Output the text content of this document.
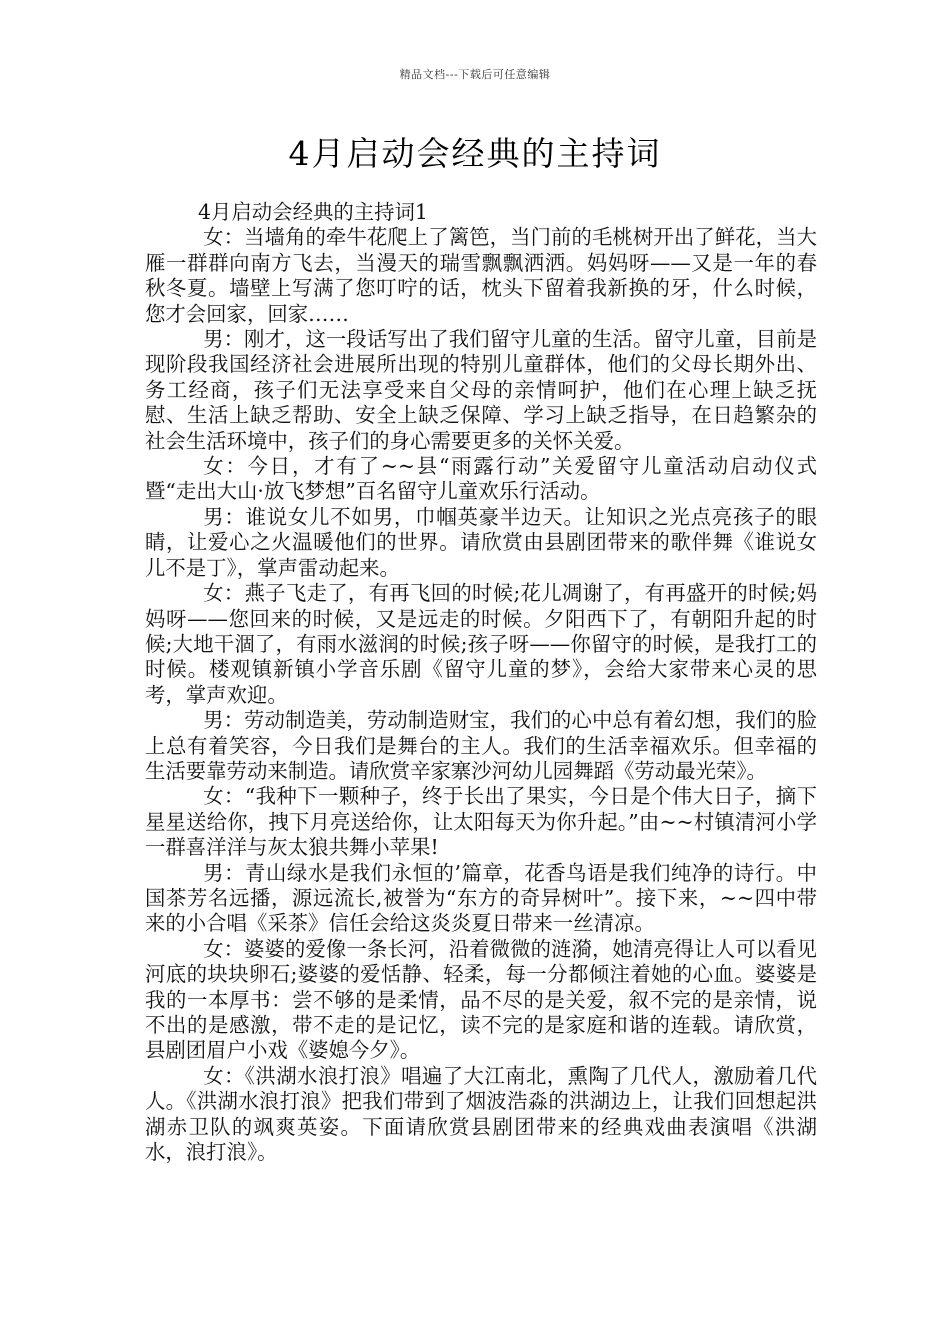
精品文档---下载后可任意编辑
4月启动会经典的主持词

4月启动会经典的主持词1

女：当墙角的牵牛花爬上了篱笆，当门前的毛桃树开出了鲜花，当大雁一群群向南方飞去，当漫天的瑞雪飘飘洒洒。妈妈呀——又是一年的春秋冬夏。墙壁上写满了您叮咛的话，枕头下留着我新换的牙，什么时候，您才会回家，回家……

男：刚才，这一段话写出了我们留守儿童的生活。留守儿童，目前是现阶段我国经济社会进展所出现的特别儿童群体，他们的父母长期外出、务工经商，孩子们无法享受来自父母的亲情呵护，他们在心理上缺乏抚慰、生活上缺乏帮助、安全上缺乏保障、学习上缺乏指导，在日趋繁杂的社会生活环境中，孩子们的身心需要更多的关怀关爱。

女：今日，才有了~~县“雨露行动”关爱留守儿童活动启动仪式暨“走出大山·放飞梦想”百名留守儿童欢乐行活动。

男：谁说女儿不如男，巾帼英豪半边天。让知识之光点亮孩子的眼睛，让爱心之火温暖他们的世界。请欣赏由县剧团带来的歌伴舞《谁说女儿不是丁》，掌声雷动起来。

女：燕子飞走了，有再飞回的时候;花儿凋谢了，有再盛开的时候;妈妈呀——您回来的时候，又是远走的时候。夕阳西下了，有朝阳升起的时候;大地干涸了，有雨水滋润的时候;孩子呀——你留守的时候，是我打工的时候。楼观镇新镇小学音乐剧《留守儿童的梦》，会给大家带来心灵的思考，掌声欢迎。

男：劳动制造美，劳动制造财宝，我们的心中总有着幻想，我们的脸上总有着笑容，今日我们是舞台的主人。我们的生活幸福欢乐。但幸福的生活要靠劳动来制造。请欣赏辛家寨沙河幼儿园舞蹈《劳动最光荣》。

女：“我种下一颗种子，终于长出了果实，今日是个伟大日子，摘下星星送给你，拽下月亮送给你，让太阳每天为你升起。”由~~村镇清河小学一群喜洋洋与灰太狼共舞小苹果!

男：青山绿水是我们永恒的’篇章，花香鸟语是我们纯净的诗行。中国茶芳名远播，源远流长,被誉为“东方的奇异树叶”。接下来，~~四中带来的小合唱《采茶》信任会给这炎炎夏日带来一丝清凉。

女：婆婆的爱像一条长河，沿着微微的涟漪，她清亮得让人可以看见河底的块块卵石;婆婆的爱恬静、轻柔，每一分都倾注着她的心血。婆婆是我的一本厚书：尝不够的是柔情，品不尽的是关爱，叙不完的是亲情，说不出的是感激，带不走的是记忆，读不完的是家庭和谐的连载。请欣赏，县剧团眉户小戏《婆媳今夕》。

女：《洪湖水浪打浪》唱遍了大江南北，熏陶了几代人，激励着几代人。《洪湖水浪打浪》把我们带到了烟波浩淼的洪湖边上，让我们回想起洪湖赤卫队的飒爽英姿。下面请欣赏县剧团带来的经典戏曲表演唱《洪湖水，浪打浪》。
